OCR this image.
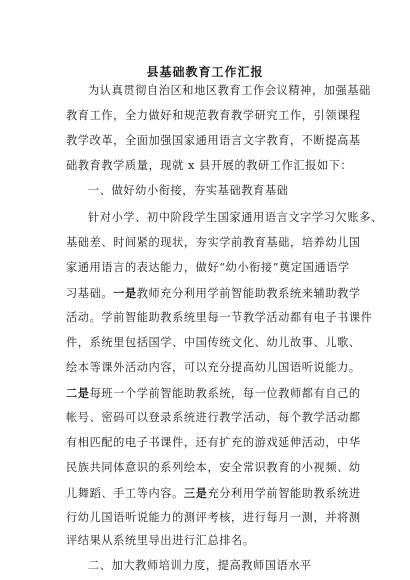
县基础教育工作汇报
为认真贯彻自治区和地区教育工作会议精神，加强基础
教育工作，全力做好和规范教育教学研究工作，引领课程
教学改革，全面加强国家通用语言文字教育，不断提高基
础教育教学质量，现就 x 县开展的教研工作汇报如下：
一、做好幼小衔接，夯实基础教育基础
针对小学、初中阶段学生国家通用语言文字学习欠账多、
基础差、时间紧的现状，夯实学前教育基础，培养幼儿国
家通用语言的表达能力，做好“幼小衔接”奠定国通语学
习基础。一是教师充分利用学前智能助教系统来辅助教学
活动。学前智能助教系统里每一节教学活动都有电子书课件
件，系统里包括国学、中国传统文化、幼儿故事、儿歌、
绘本等课外活动内容，可以充分提高幼儿国语听说能力。
二是每班一个学前智能助教系统，每一位教师都有自己的
帐号、密码可以登录系统进行教学活动，每个教学活动都
有相匹配的电子书课件，还有扩充的游戏延伸活动，中华
民族共同体意识的系列绘本，安全常识教育的小视频、幼
儿舞蹈、手工等内容。三是充分利用学前智能助教系统进
行幼儿国语听说能力的测评考核，进行每月一测，并将测
评结果从系统里导出进行汇总排名。
二、加大教师培训力度，提高教师国语水平
